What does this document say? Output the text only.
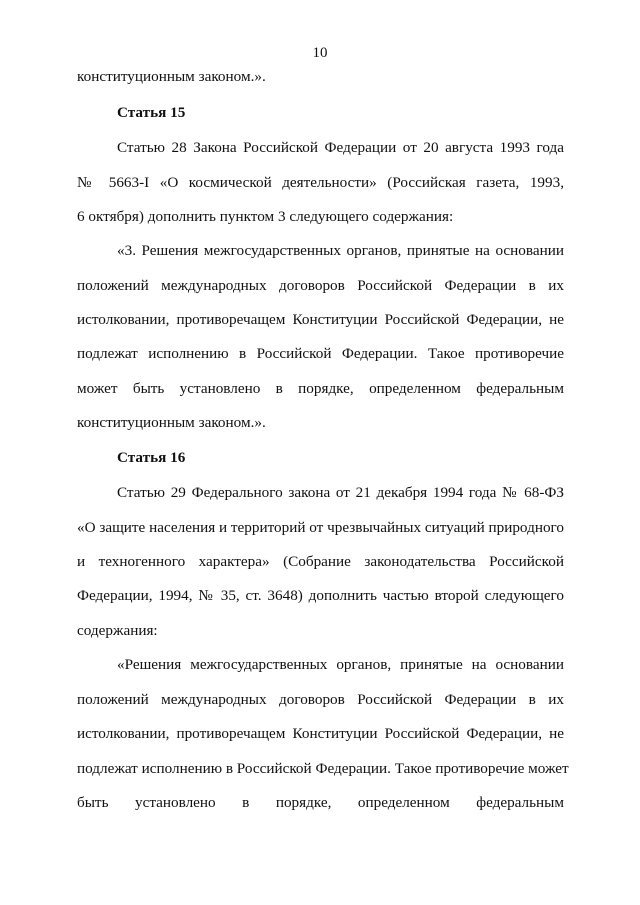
10
конституционным законом.».
Статья 15
Статью 28 Закона Российской Федерации от 20 августа 1993 года
№ 5663-I «О космической деятельности» (Российская газета, 1993,
6 октября) дополнить пунктом 3 следующего содержания:
«3. Решения межгосударственных органов, принятые на основании
положений международных договоров Российской Федерации в их
истолковании, противоречащем Конституции Российской Федерации, не
подлежат исполнению в Российской Федерации. Такое противоречие
может быть установлено в порядке, определенном федеральным
конституционным законом.».
Статья 16
Статью 29 Федерального закона от 21 декабря 1994 года № 68-ФЗ
«О защите населения и территорий от чрезвычайных ситуаций природного
и техногенного характера» (Собрание законодательства Российской
Федерации, 1994, № 35, ст. 3648) дополнить частью второй следующего
содержания:
«Решения межгосударственных органов, принятые на основании
положений международных договоров Российской Федерации в их
истолковании, противоречащем Конституции Российской Федерации, не
подлежат исполнению в Российской Федерации. Такое противоречие может
быть установлено в порядке, определенном федеральным
